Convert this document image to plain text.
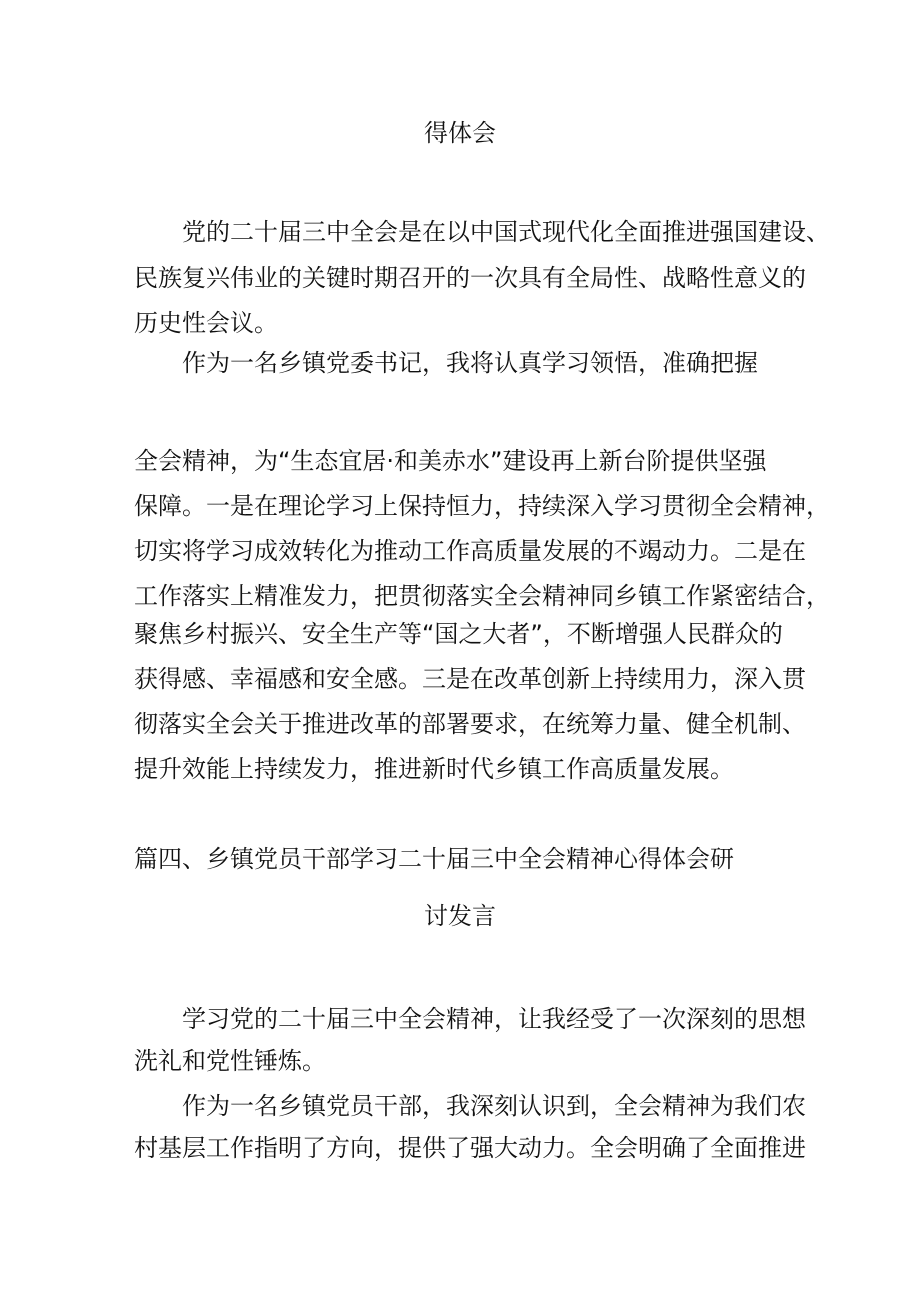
得体会

党的二十届三中全会是在以中国式现代化全面推进强国建设、

民族复兴伟业的关键时期召开的一次具有全局性、战略性意义的

历史性会议。

作为一名乡镇党委书记，我将认真学习领悟，准确把握

全会精神，为“生态宜居·和美赤水”建设再上新台阶提供坚强

保障。一是在理论学习上保持恒力，持续深入学习贯彻全会精神，

切实将学习成效转化为推动工作高质量发展的不竭动力。二是在

工作落实上精准发力，把贯彻落实全会精神同乡镇工作紧密结合，

聚焦乡村振兴、安全生产等“国之大者”，不断增强人民群众的

获得感、幸福感和安全感。三是在改革创新上持续用力，深入贯

彻落实全会关于推进改革的部署要求，在统筹力量、健全机制、

提升效能上持续发力，推进新时代乡镇工作高质量发展。

篇四、乡镇党员干部学习二十届三中全会精神心得体会研

讨发言

学习党的二十届三中全会精神，让我经受了一次深刻的思想

洗礼和党性锤炼。

作为一名乡镇党员干部，我深刻认识到，全会精神为我们农

村基层工作指明了方向，提供了强大动力。全会明确了全面推进
